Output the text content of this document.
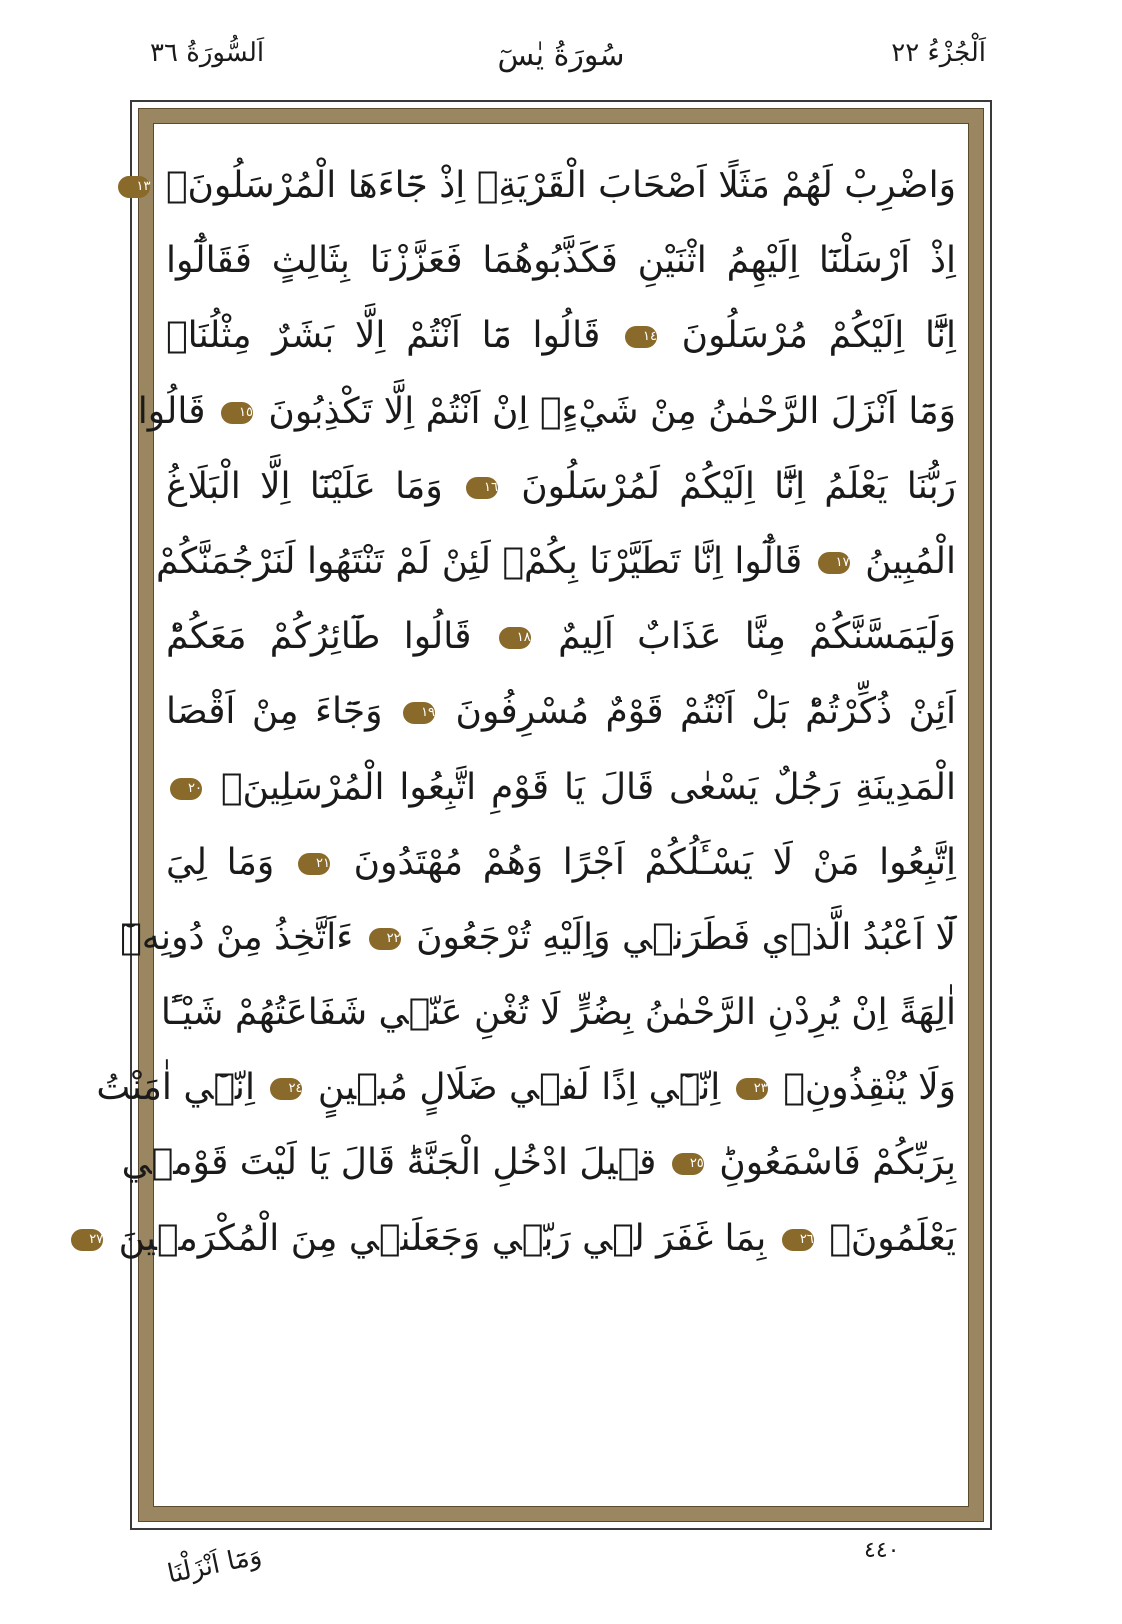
اَلْجُزْءُ ٢٢
سُورَةُ يٰسٓ
اَلسُّورَةُ ٣٦
وَاضْرِبْ لَهُمْ مَثَلًا اَصْحَابَ الْقَرْيَةِۢ اِذْ جَٓاءَهَا الْمُرْسَلُونَۚ ١٣
اِذْ اَرْسَلْنَٓا اِلَيْهِمُ اثْنَيْنِ فَكَذَّبُوهُمَا فَعَزَّزْنَا بِثَالِثٍ فَقَالُٓوا
اِنَّٓا اِلَيْكُمْ مُرْسَلُونَ ١٤ قَالُوا مَٓا اَنْتُمْ اِلَّا بَشَرٌ مِثْلُنَاۙ
وَمَٓا اَنْزَلَ الرَّحْمٰنُ مِنْ شَيْءٍۙ اِنْ اَنْتُمْ اِلَّا تَكْذِبُونَ ١٥ قَالُوا
رَبُّنَا يَعْلَمُ اِنَّٓا اِلَيْكُمْ لَمُرْسَلُونَ ١٦ وَمَا عَلَيْنَٓا اِلَّا الْبَلَاغُ
الْمُبِينُ ١٧ قَالُٓوا اِنَّا تَطَيَّرْنَا بِكُمْۚ لَئِنْ لَمْ تَنْتَهُوا لَنَرْجُمَنَّكُمْ
وَلَيَمَسَّنَّكُمْ مِنَّا عَذَابٌ اَلِيمٌ ١٨ قَالُوا طَٓائِرُكُمْ مَعَكُمْؕ
اَئِنْ ذُكِّرْتُمْؕ بَلْ اَنْتُمْ قَوْمٌ مُسْرِفُونَ ١٩ وَجَٓاءَ مِنْ اَقْصَا
الْمَدِينَةِ رَجُلٌ يَسْعٰى قَالَ يَا قَوْمِ اتَّبِعُوا الْمُرْسَلِينَۙ ٢٠
اِتَّبِعُوا مَنْ لَا يَسْـَٔلُكُمْ اَجْرًا وَهُمْ مُهْتَدُونَ ٢١ وَمَا لِيَ
لَٓا اَعْبُدُ الَّذٖي فَطَرَنٖي وَاِلَيْهِ تُرْجَعُونَ ٢٢ ءَاَتَّخِذُ مِنْ دُونِهٖٓ
اٰلِهَةً اِنْ يُرِدْنِ الرَّحْمٰنُ بِضُرٍّ لَا تُغْنِ عَنّٖي شَفَاعَتُهُمْ شَيْـًٔا
وَلَا يُنْقِذُونِۚ ٢٣ اِنّٖٓي اِذًا لَفٖي ضَلَالٍ مُبٖينٍ ٢٤ اِنّٖٓي اٰمَنْتُ
بِرَبِّكُمْ فَاسْمَعُونِؕ ٢٥ قٖيلَ ادْخُلِ الْجَنَّةَؕ قَالَ يَا لَيْتَ قَوْمٖي
يَعْلَمُونَۙ ٢٦ بِمَا غَفَرَ لٖي رَبّٖي وَجَعَلَنٖي مِنَ الْمُكْرَمٖينَ ٢٧
وَمَٓا اَنْزَلْنَا	٤٤٠
